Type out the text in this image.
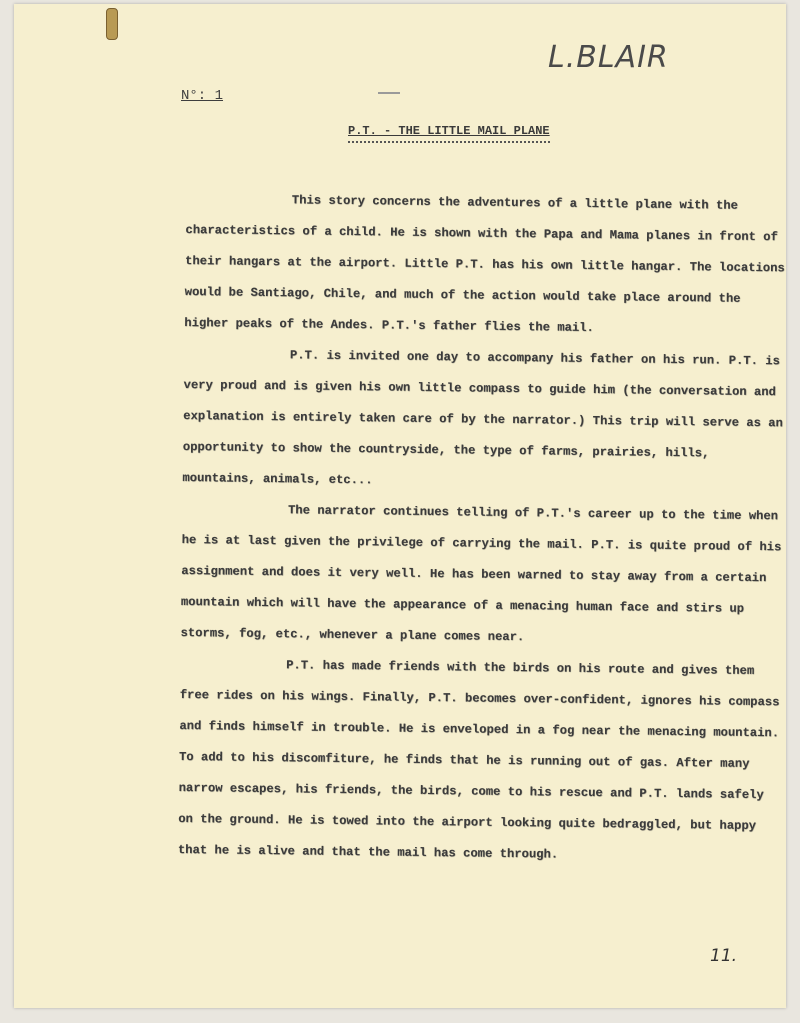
L.BLAIR
N°: 1
P.T. - THE LITTLE MAIL PLANE

This story concerns the adventures of a little plane with the characteristics of a child. He is shown with the Papa and Mama planes in front of their hangars at the airport. Little P.T. has his own little hangar. The locations would be Santiago, Chile, and much of the action would take place around the higher peaks of the Andes. P.T.'s father flies the mail.

P.T. is invited one day to accompany his father on his run. P.T. is very proud and is given his own little compass to guide him (the conversation and explanation is entirely taken care of by the narrator.) This trip will serve as an opportunity to show the countryside, the type of farms, prairies, hills, mountains, animals, etc...

The narrator continues telling of P.T.'s career up to the time when he is at last given the privilege of carrying the mail. P.T. is quite proud of his assignment and does it very well. He has been warned to stay away from a certain mountain which will have the appearance of a menacing human face and stirs up storms, fog, etc., whenever a plane comes near.

P.T. has made friends with the birds on his route and gives them free rides on his wings. Finally, P.T. becomes over-confident, ignores his compass and finds himself in trouble. He is enveloped in a fog near the menacing mountain. To add to his discomfiture, he finds that he is running out of gas. After many narrow escapes, his friends, the birds, come to his rescue and P.T. lands safely on the ground. He is towed into the airport looking quite bedraggled, but happy that he is alive and that the mail has come through.

11.
